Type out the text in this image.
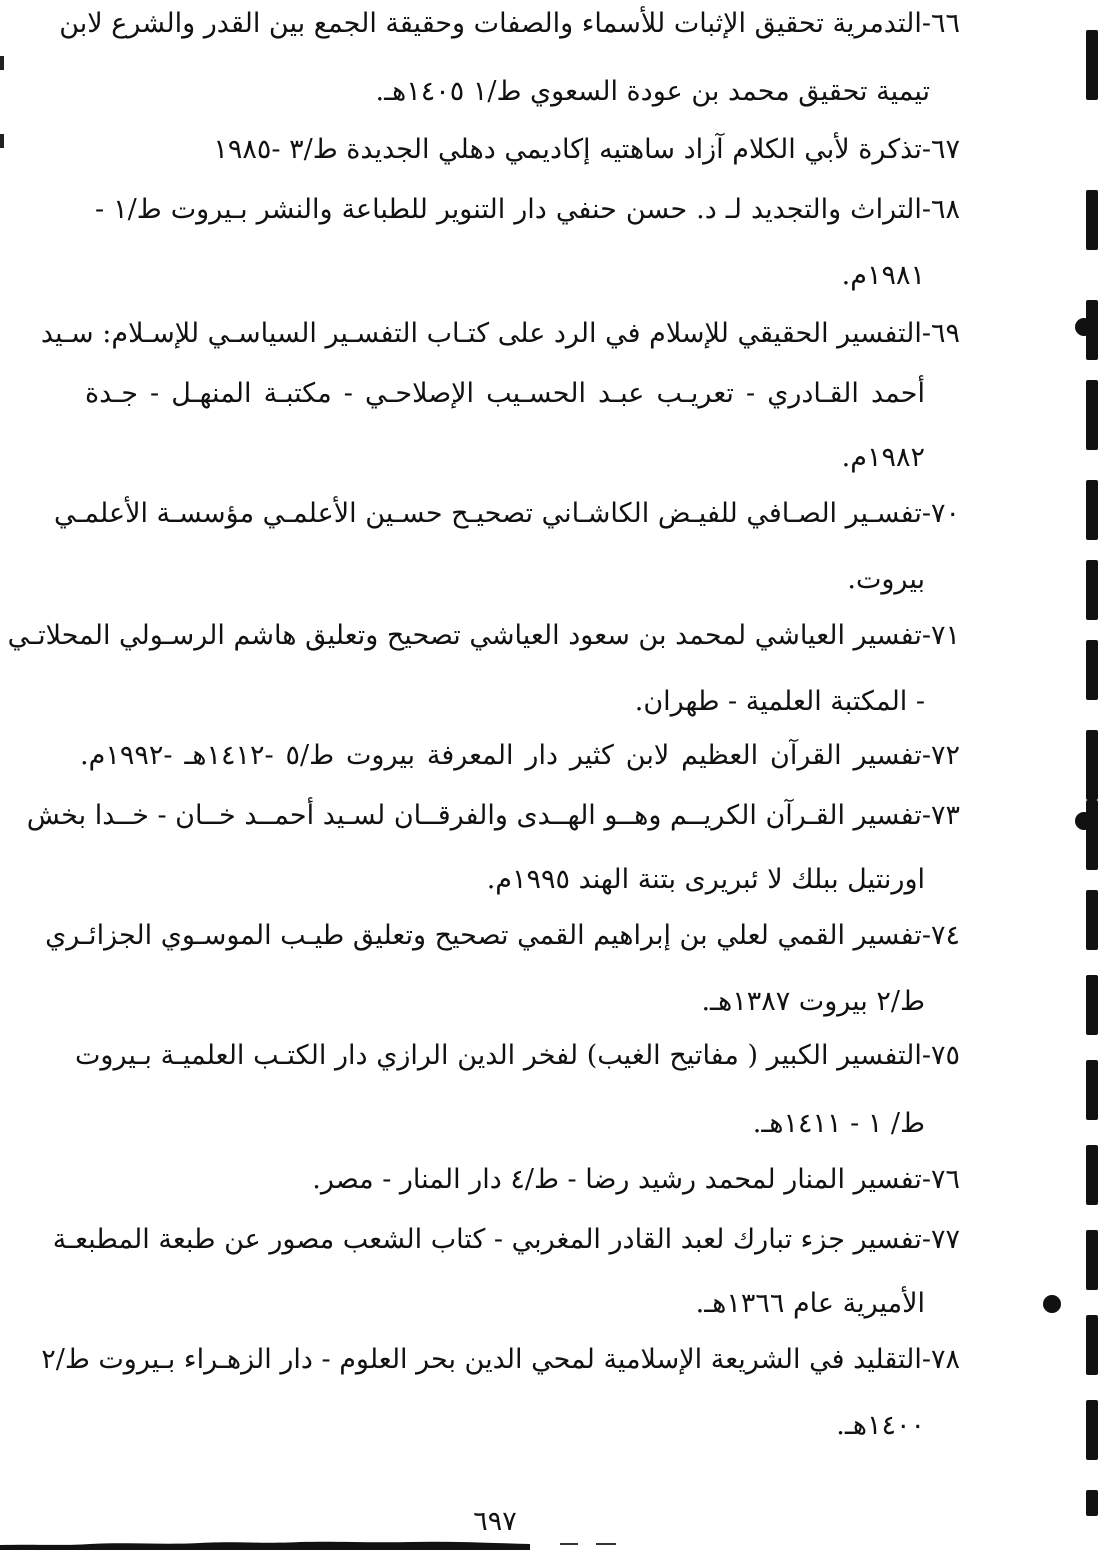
٦٦-التدمرية تحقيق الإثبات للأسماء والصفات وحقيقة الجمع بين القدر والشرع لابن
تيمية تحقيق محمد بن عودة السعوي ط/١ ١٤٠٥هـ.
٦٧-تذكرة لأبي الكلام آزاد ساهتيه إكاديمي دهلي الجديدة ط/٣ -١٩٨٥
٦٨-التراث والتجديد لـ د. حسن حنفي دار التنوير للطباعة والنشر بـيروت ط/١ -
١٩٨١م.
٦٩-التفسير الحقيقي للإسلام في الرد على كتـاب التفسـير السياسـي للإسـلام: سـيد
أحمد القـادري - تعريـب عبـد الحسـيب الإصلاحـي - مكتبـة المنهـل - جـدة
١٩٨٢م.
٧٠-تفسـير الصـافي للفيـض الكاشـاني تصحيـح حسـين الأعلمـي مؤسسـة الأعلمـي
بيروت.
٧١-تفسير العياشي لمحمد بن سعود العياشي تصحيح وتعليق هاشم الرسـولي المحلاتـي
- المكتبة العلمية - طهران.
٧٢-تفسير القرآن العظيم لابن كثير دار المعرفة بيروت ط/٥ -١٤١٢هـ -١٩٩٢م.
٧٣-تفسير القـرآن الكريــم وهــو الهــدى والفرقــان لسـيد أحمــد خــان - خــدا بخش
اورنتيل ببلك لا ئبريرى بتنة الهند ١٩٩٥م.
٧٤-تفسير القمي لعلي بن إبراهيم القمي تصحيح وتعليق طيـب الموسـوي الجزائـري
ط/٢ بيروت ١٣٨٧هـ.
٧٥-التفسير الكبير ( مفاتيح الغيب) لفخر الدين الرازي دار الكتـب العلميـة بـيروت
ط/ ١ - ١٤١١هـ.
٧٦-تفسير المنار لمحمد رشيد رضا - ط/٤ دار المنار - مصر.
٧٧-تفسير جزء تبارك لعبد القادر المغربي - كتاب الشعب مصور عن طبعة المطبعـة
الأميرية عام ١٣٦٦هـ.
٧٨-التقليد في الشريعة الإسلامية لمحي الدين بحر العلوم - دار الزهـراء بـيروت ط/٢
١٤٠٠هـ.
٦٩٧
